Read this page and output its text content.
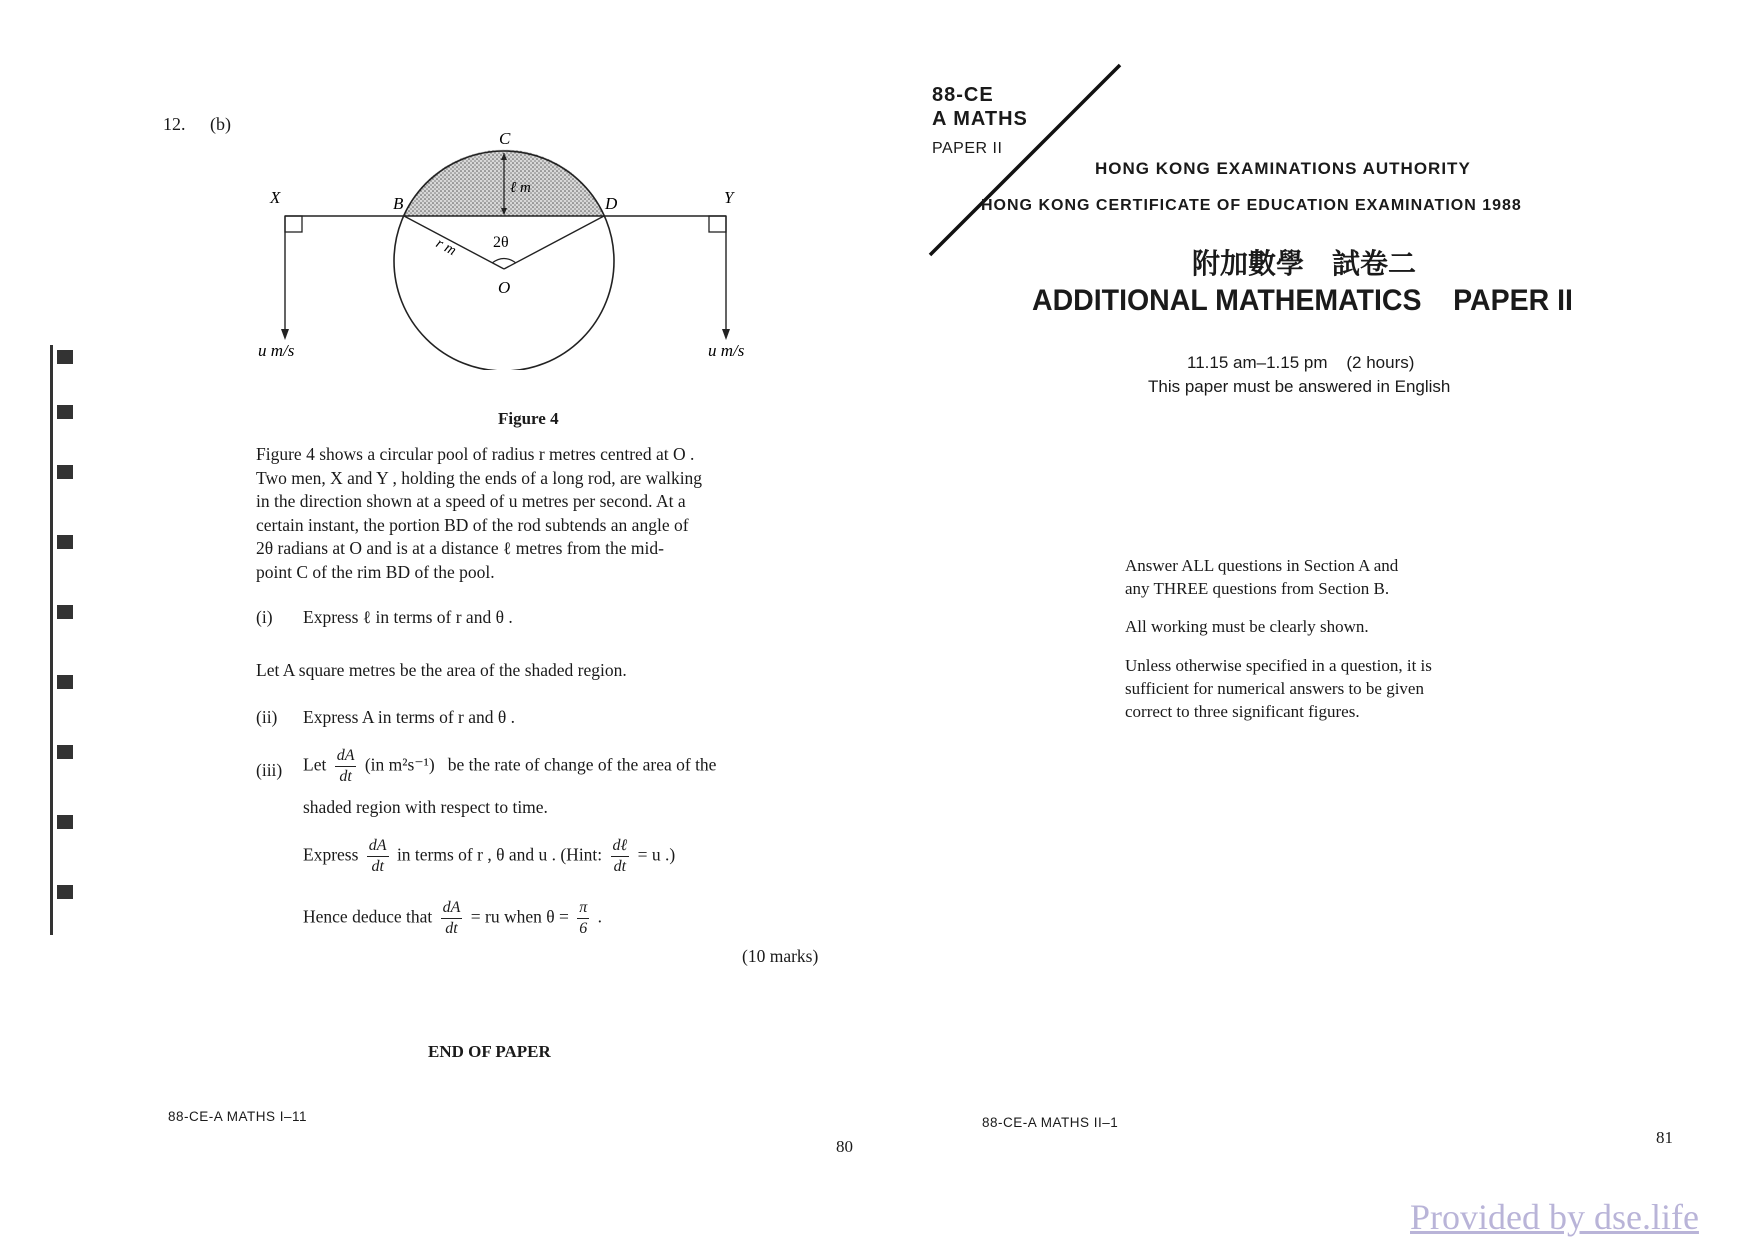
12. (b)
X	B
C
D	Y
O
2θ
ℓ m
r m
u m/s	u m/s
Figure 4
Figure 4 shows a circular pool of radius r metres centred at O .
Two men, X and Y , holding the ends of a long rod, are walking
in the direction shown at a speed of u metres per second. At a
certain instant, the portion BD of the rod subtends an angle of
2θ radians at O and is at a distance ℓ metres from the mid-
point C of the rim BD of the pool.
(i) Express ℓ in terms of r and θ .
Let A square metres be the area of the shaded region.
(ii) Express A in terms of r and θ .
(iii) Let $\frac{dA}{dt} (in$ m²s⁻¹) be the rate of change of the area of the
shaded region with respect to time.
Express $\frac{dA}{dt}$ in terms of r , θ and u . (Hint: $\frac{\text{dℓ}}{dt} = u$ .)
Hence deduce that $\frac{dA}{dt}$ = ru when $\theta = \frac{\pi}{6}$ .
(10 marks)
END OF PAPER
88-CE-A MATHS I–11
80
88-CE
A MATHS
PAPER II
HONG KONG EXAMINATIONS AUTHORITY
HONG KONG CERTIFICATE OF EDUCATION EXAMINATION 1988
附加數學　試卷二
ADDITIONAL MATHEMATICS    PAPER II
11.15 am–1.15 pm    (2 hours)
This paper must be answered in English
Answer ALL questions in Section A and
any THREE questions from Section B.
All working must be clearly shown.
Unless otherwise specified in a question, it is
sufficient for numerical answers to be given
correct to three significant figures.
88-CE-A MATHS II–1
81
Provided by dse.life
